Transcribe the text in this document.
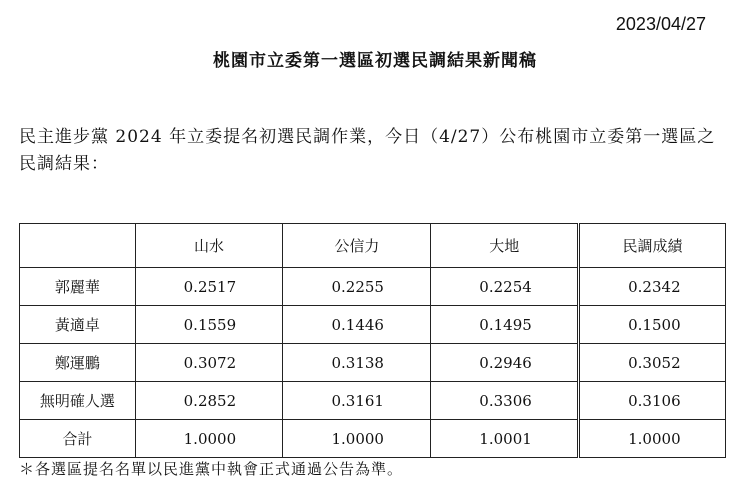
2023/04/27
桃園市立委第一選區初選民調結果新聞稿
民主進步黨 2024 年立委提名初選民調作業，今日（4/27）公布桃園市立委第一選區之民調結果：
	山水	公信力	大地	民調成績
郭麗華	0.2517	0.2255	0.2254	0.2342
黃適卓	0.1559	0.1446	0.1495	0.1500
鄭運鵬	0.3072	0.3138	0.2946	0.3052
無明確人選	0.2852	0.3161	0.3306	0.3106
合計	1.0000	1.0000	1.0001	1.0000
＊各選區提名名單以民進黨中執會正式通過公告為準。
